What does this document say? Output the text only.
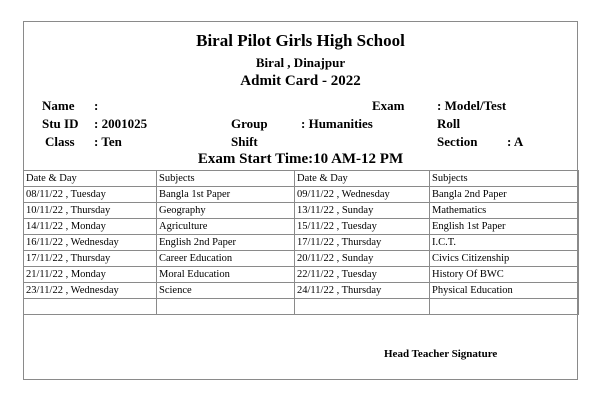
Biral Pilot Girls High School
Biral , Dinajpur
Admit Card - 2022
Name :	Exam	: Model/Test
Stu ID : 2001025	Group	: Humanities	Roll
Class : Ten	Shift	Section : A
Exam Start Time:10 AM-12 PM
Date & Day	Subjects	Date & Day	Subjects
08/11/22 , Tuesday	Bangla 1st Paper	09/11/22 , Wednesday	Bangla 2nd Paper
10/11/22 , Thursday	Geography	13/11/22 , Sunday	Mathematics
14/11/22 , Monday	Agriculture	15/11/22 , Tuesday	English 1st Paper
16/11/22 , Wednesday	English 2nd Paper	17/11/22 , Thursday	I.C.T.
17/11/22 , Thursday	Career Education	20/11/22 , Sunday	Civics Citizenship
21/11/22 , Monday	Moral Education	22/11/22 , Tuesday	History Of BWC
23/11/22 , Wednesday	Science	24/11/22 , Thursday	Physical Education

Head Teacher Signature
